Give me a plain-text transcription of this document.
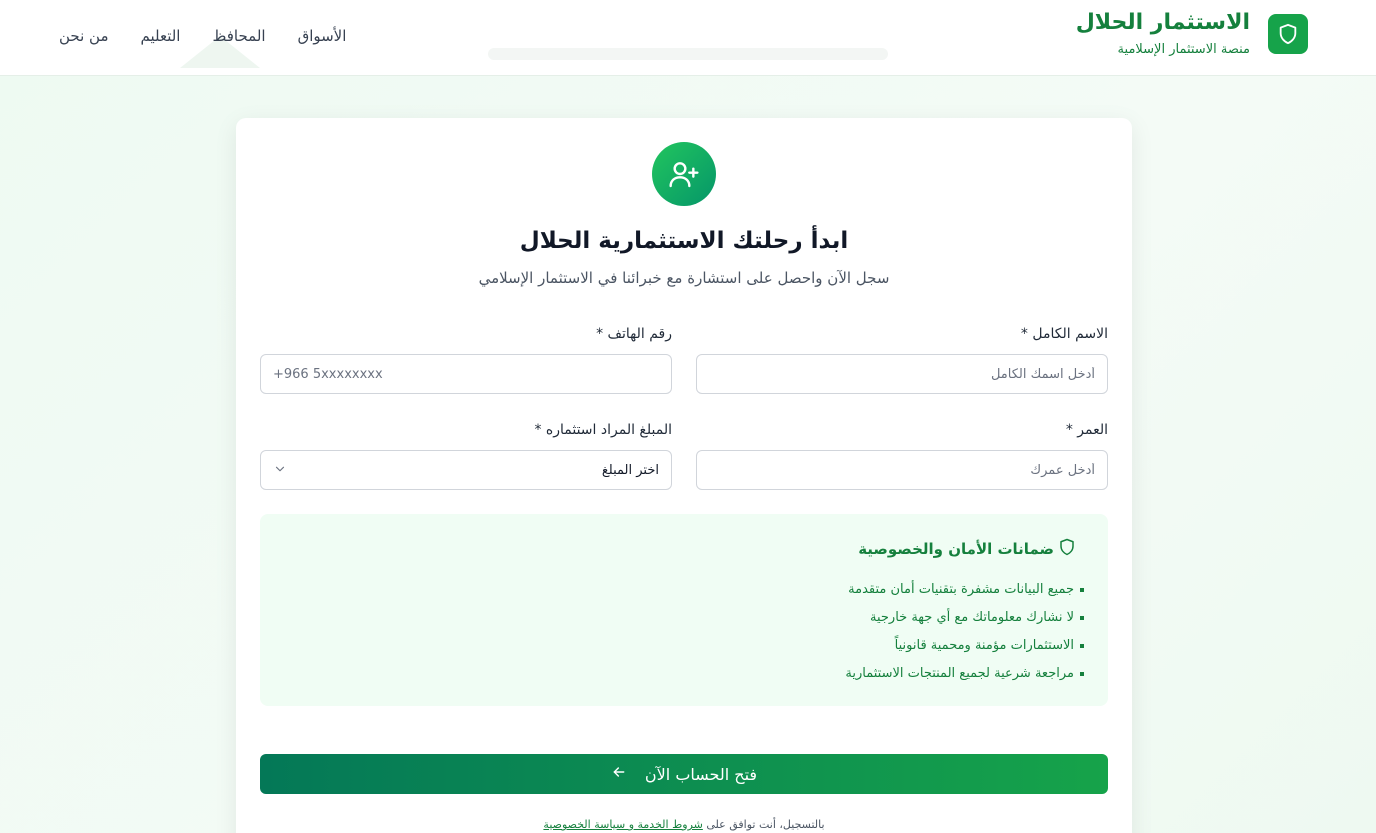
الاستثمار الحلال
منصة الاستثمار الإسلامية
من نحن التعليم المحافظ الأسواق
ابدأ رحلتك الاستثمارية الحلال
سجل الآن واحصل على استشارة مع خبرائنا في الاستثمار الإسلامي
الاسم الكامل *
أدخل اسمك الكامل
رقم الهاتف *
+966 5xxxxxxxx
العمر *
أدخل عمرك
المبلغ المراد استثماره *
اختر المبلغ
ضمانات الأمان والخصوصية
جميع البيانات مشفرة بتقنيات أمان متقدمة
لا نشارك معلوماتك مع أي جهة خارجية
الاستثمارات مؤمنة ومحمية قانونياً
مراجعة شرعية لجميع المنتجات الاستثمارية
فتح الحساب الآن
بالتسجيل، أنت توافق على شروط الخدمة و سياسة الخصوصية
